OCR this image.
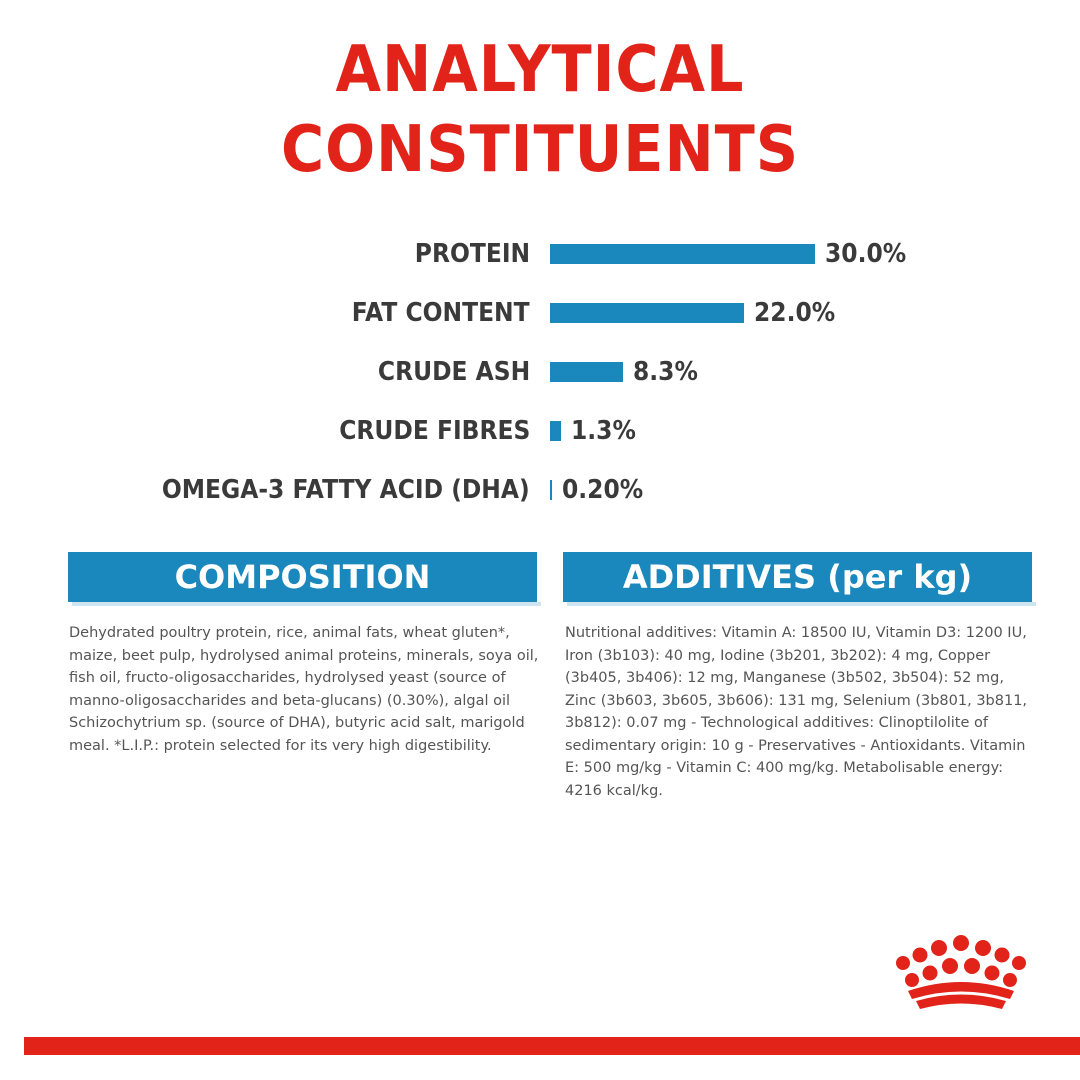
ANALYTICAL
CONSTITUENTS
PROTEIN	30.0%
FAT CONTENT	22.0%
CRUDE ASH	8.3%
CRUDE FIBRES 1.3%
OMEGA-3 FATTY ACID (DHA) 0.20%
COMPOSITION	ADDITIVES (per kg)
Dehydrated poultry protein, rice, animal fats, wheat gluten*, maize, beet pulp, hydrolysed animal proteins, minerals, soya oil, fish oil, fructo-oligosaccharides, hydrolysed yeast (source of manno-oligosaccharides and beta-glucans) (0.30%), algal oil Schizochytrium sp. (source of DHA), butyric acid salt, marigold meal. *L.I.P.: protein selected for its very high digestibility.
Nutritional additives: Vitamin A: 18500 IU, Vitamin D3: 1200 IU, Iron (3b103): 40 mg, Iodine (3b201, 3b202): 4 mg, Copper (3b405, 3b406): 12 mg, Manganese (3b502, 3b504): 52 mg, Zinc (3b603, 3b605, 3b606): 131 mg, Selenium (3b801, 3b811, 3b812): 0.07 mg - Technological additives: Clinoptilolite of sedimentary origin: 10 g - Preservatives - Antioxidants. Vitamin E: 500 mg/kg - Vitamin C: 400 mg/kg. Metabolisable energy: 4216 kcal/kg.
